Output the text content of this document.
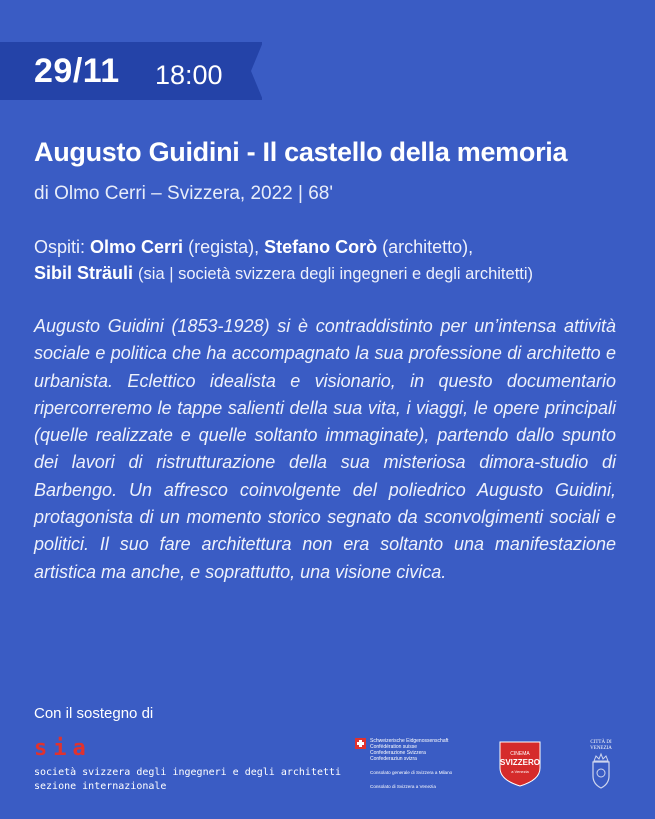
29/11 18:00
Augusto Guidini - Il castello della memoria
di Olmo Cerri – Svizzera, 2022 | 68'
Ospiti: Olmo Cerri (regista), Stefano Corò (architetto),
Sibil Sträuli (sia | società svizzera degli ingegneri e degli architetti)
Augusto Guidini (1853-1928) si è contraddistinto per un’intensa attività sociale e politica che ha accompagnato la sua professione di architetto e urbanista. Eclettico idealista e visionario, in questo documentario ripercorreremo le tappe salienti della sua vita, i viaggi, le opere principali (quelle realizzate e quelle soltanto immaginate), partendo dallo spunto dei lavori di ristrutturazione della sua misteriosa dimora-studio di Barbengo. Un affresco coinvolgente del poliedrico Augusto Guidini, protagonista di un momento storico segnato da sconvolgimenti sociali e politici. Il suo fare architettura non era soltanto una manifestazione artistica ma anche, e soprattutto, una visione civica.
Con il sostegno di
sia
società svizzera degli ingegneri e degli architetti
sezione internazionale
Schweizerische Eidgenossenschaft
Confédération suisse
Confederazione Svizzera
Confederaziun svizra
Consolato generale di Svizzera a Milano
Consolato di Svizzera a Venezia
CINEMA
SVIZZERO
a Venezia
CITTÀ DI
VENEZIA
